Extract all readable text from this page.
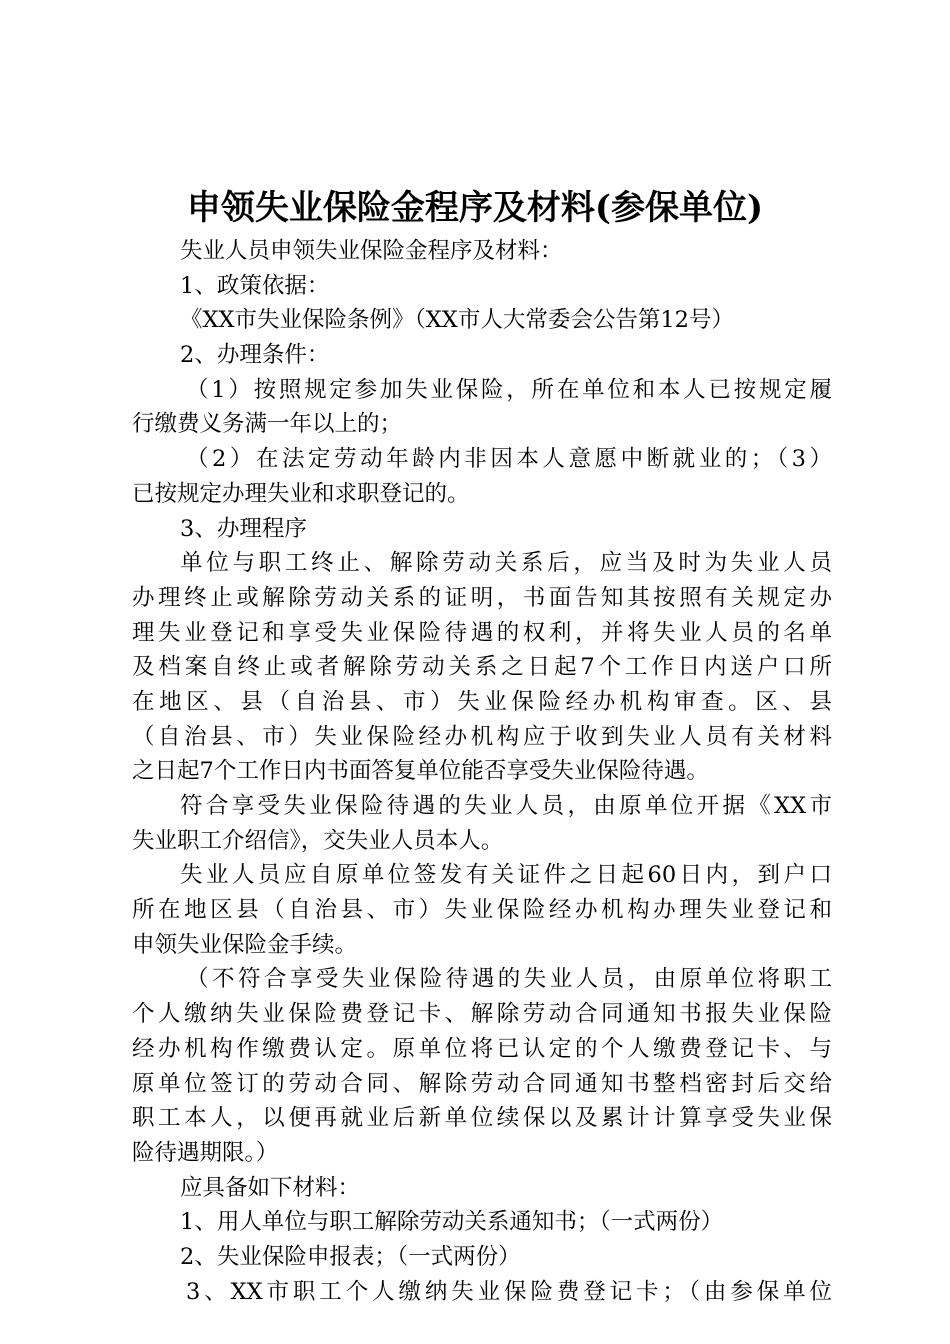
申领失业保险金程序及材料(参保单位)
失业人员申领失业保险金程序及材料：
1、政策依据：
《XX市失业保险条例》（XX市人大常委会公告第12号）
2、办理条件：
（1）按照规定参加失业保险，所在单位和本人已按规定履
行缴费义务满一年以上的；
（2）在法定劳动年龄内非因本人意愿中断就业的；（3）
已按规定办理失业和求职登记的。
3、办理程序
单位与职工终止、解除劳动关系后，应当及时为失业人员
办理终止或解除劳动关系的证明，书面告知其按照有关规定办
理失业登记和享受失业保险待遇的权利，并将失业人员的名单
及档案自终止或者解除劳动关系之日起7个工作日内送户口所
在地区、县（自治县、市）失业保险经办机构审查。区、县
（自治县、市）失业保险经办机构应于收到失业人员有关材料
之日起7个工作日内书面答复单位能否享受失业保险待遇。
符合享受失业保险待遇的失业人员，由原单位开据《XX市
失业职工介绍信》，交失业人员本人。
失业人员应自原单位签发有关证件之日起60日内，到户口
所在地区县（自治县、市）失业保险经办机构办理失业登记和
申领失业保险金手续。
（不符合享受失业保险待遇的失业人员，由原单位将职工
个人缴纳失业保险费登记卡、解除劳动合同通知书报失业保险
经办机构作缴费认定。原单位将已认定的个人缴费登记卡、与
原单位签订的劳动合同、解除劳动合同通知书整档密封后交给
职工本人，以便再就业后新单位续保以及累计计算享受失业保
险待遇期限。）
应具备如下材料：
1、用人单位与职工解除劳动关系通知书；（一式两份）
2、失业保险申报表；（一式两份）
3、XX市职工个人缴纳失业保险费登记卡；（由参保单位
